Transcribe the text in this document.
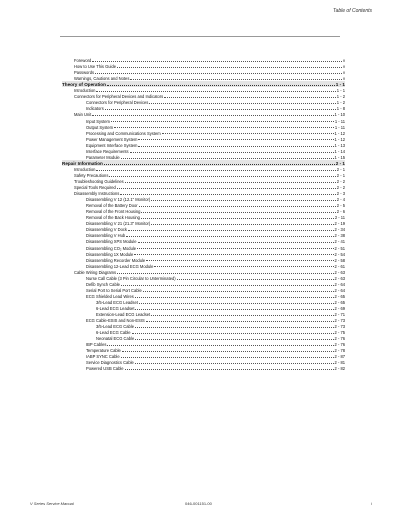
Table of Contents
Foreword	v
How to Use This Guide	v
Passwords	v
Warnings, Cautions and Notes	v
Theory of Operation	1 - 1
Introduction	1 - 1
Connectors for Peripheral Devices and Indicators	1 - 2
Connectors for Peripheral Devices	1 - 2
Indicators	1 - 8
Main Unit	1 - 10
Input System	1 - 11
Output System	1 - 11
Processing and Communications System	1 - 12
Power Management System	1 - 12
Equipment Interface System	1 - 13
Interface Requirements	1 - 14
Parameter Module	1 - 15
Repair Information	2 - 1
Introduction	2 - 1
Safety Precautions	2 - 1
Troubleshooting Guidelines	2 - 2
Special Tools Required	2 - 2
Disassembly Instructions	2 - 3
Disassembling V 12 (12.1" Monitor)	2 - 4
Removal of the Battery Door	2 - 5
Removal of the Front Housing	2 - 6
Removal of the Back Housing	2 - 11
Disassembling V 21 (21.3" Monitor)	2 - 19
Disassembling V Dock	2 - 34
Disassembling V Hub	2 - 38
Disassembling XPS Module	2 - 41
Disassembling CO₂ Module	2 - 51
Disassembling 1X Module	2 - 54
Disassembling Recorder Module	2 - 58
Disassembling 12-Lead ECG Module	2 - 61
Cable Wiring Diagrams	2 - 63
Nurse Call Cable (3 Pin Circular to Unterminated)	2 - 63
Defib Synch Cable	2 - 64
Serial Port to Serial Port Cable	2 - 64
ECG Shielded Lead Wires	2 - 65
3/5-Lead ECG Leadset	2 - 65
6-Lead ECG Leadset	2 - 69
Extension-Lead ECG Leadset	2 - 71
ECG Cable-ESIS and Non-ESIS	2 - 73
3/5-Lead ECG Cable	2 - 73
6-Lead ECG Cable	2 - 75
Neonatal ECG Cable	2 - 76
IBP Cables	2 - 76
Temperature Cable	2 - 78
IABP SYNC Cable	2 - 87
Service Diagnostics Cable	2 - 81
Powered USB Cable	2 - 82
V Series Service Manual	046-001151-00	i
